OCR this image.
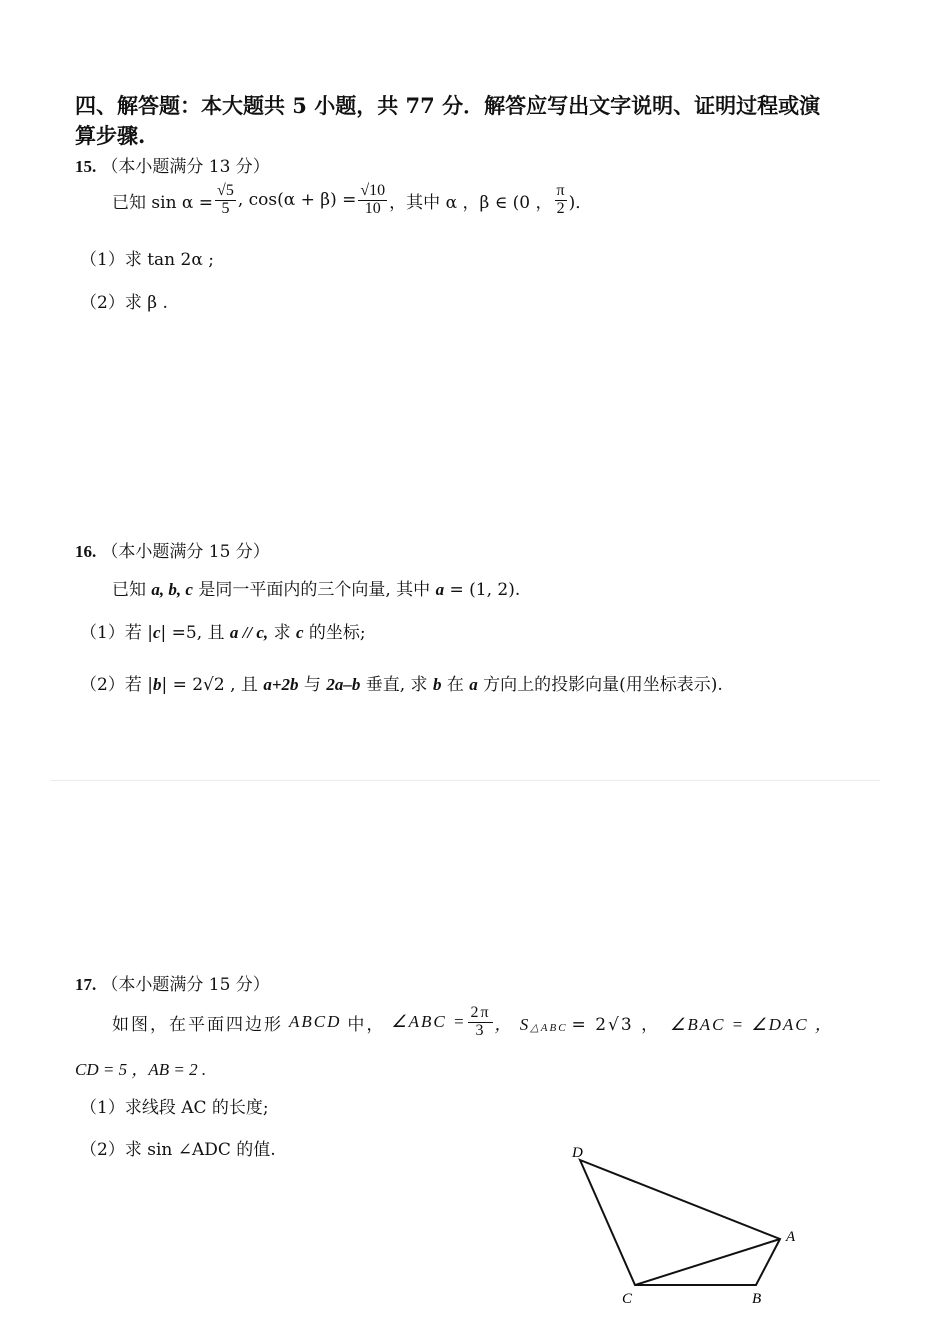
四、解答题：本大题共 5 小题，共 77 分．解答应写出文字说明、证明过程或演
算步骤.
15. （本小题满分 13 分）
已知 $\sin \alpha = \frac{√5}{5}$ , $\cos(\alpha + \beta) = \frac{√10}{10}$ ，其中 α ，β ∈ (0 ， $\frac{\pi}{2}$ )．
（1）求 tan 2α ;
（2）求 β .
16. （本小题满分 15 分）
已知 a, b, c 是同一平面内的三个向量, 其中 a = (1, 2).
（1）若 |c| =5, 且 a // c, 求 c 的坐标;
（2）若 |b| = 2√2 , 且 a+2b 与 2a–b 垂直, 求 b 在 a 方向上的投影向量(用坐标表示).
17. （本小题满分 15 分）
如图，在平面四边形 ABCD 中， ∠ABC = $\frac{2\pi}{3}$ ， S △ABC = 2√3 ， ∠BAC = ∠DAC ，
CD = 5 ，AB = 2 .
（1）求线段 AC 的长度;
（2）求 sin ∠ADC 的值.	D
A
C	B
